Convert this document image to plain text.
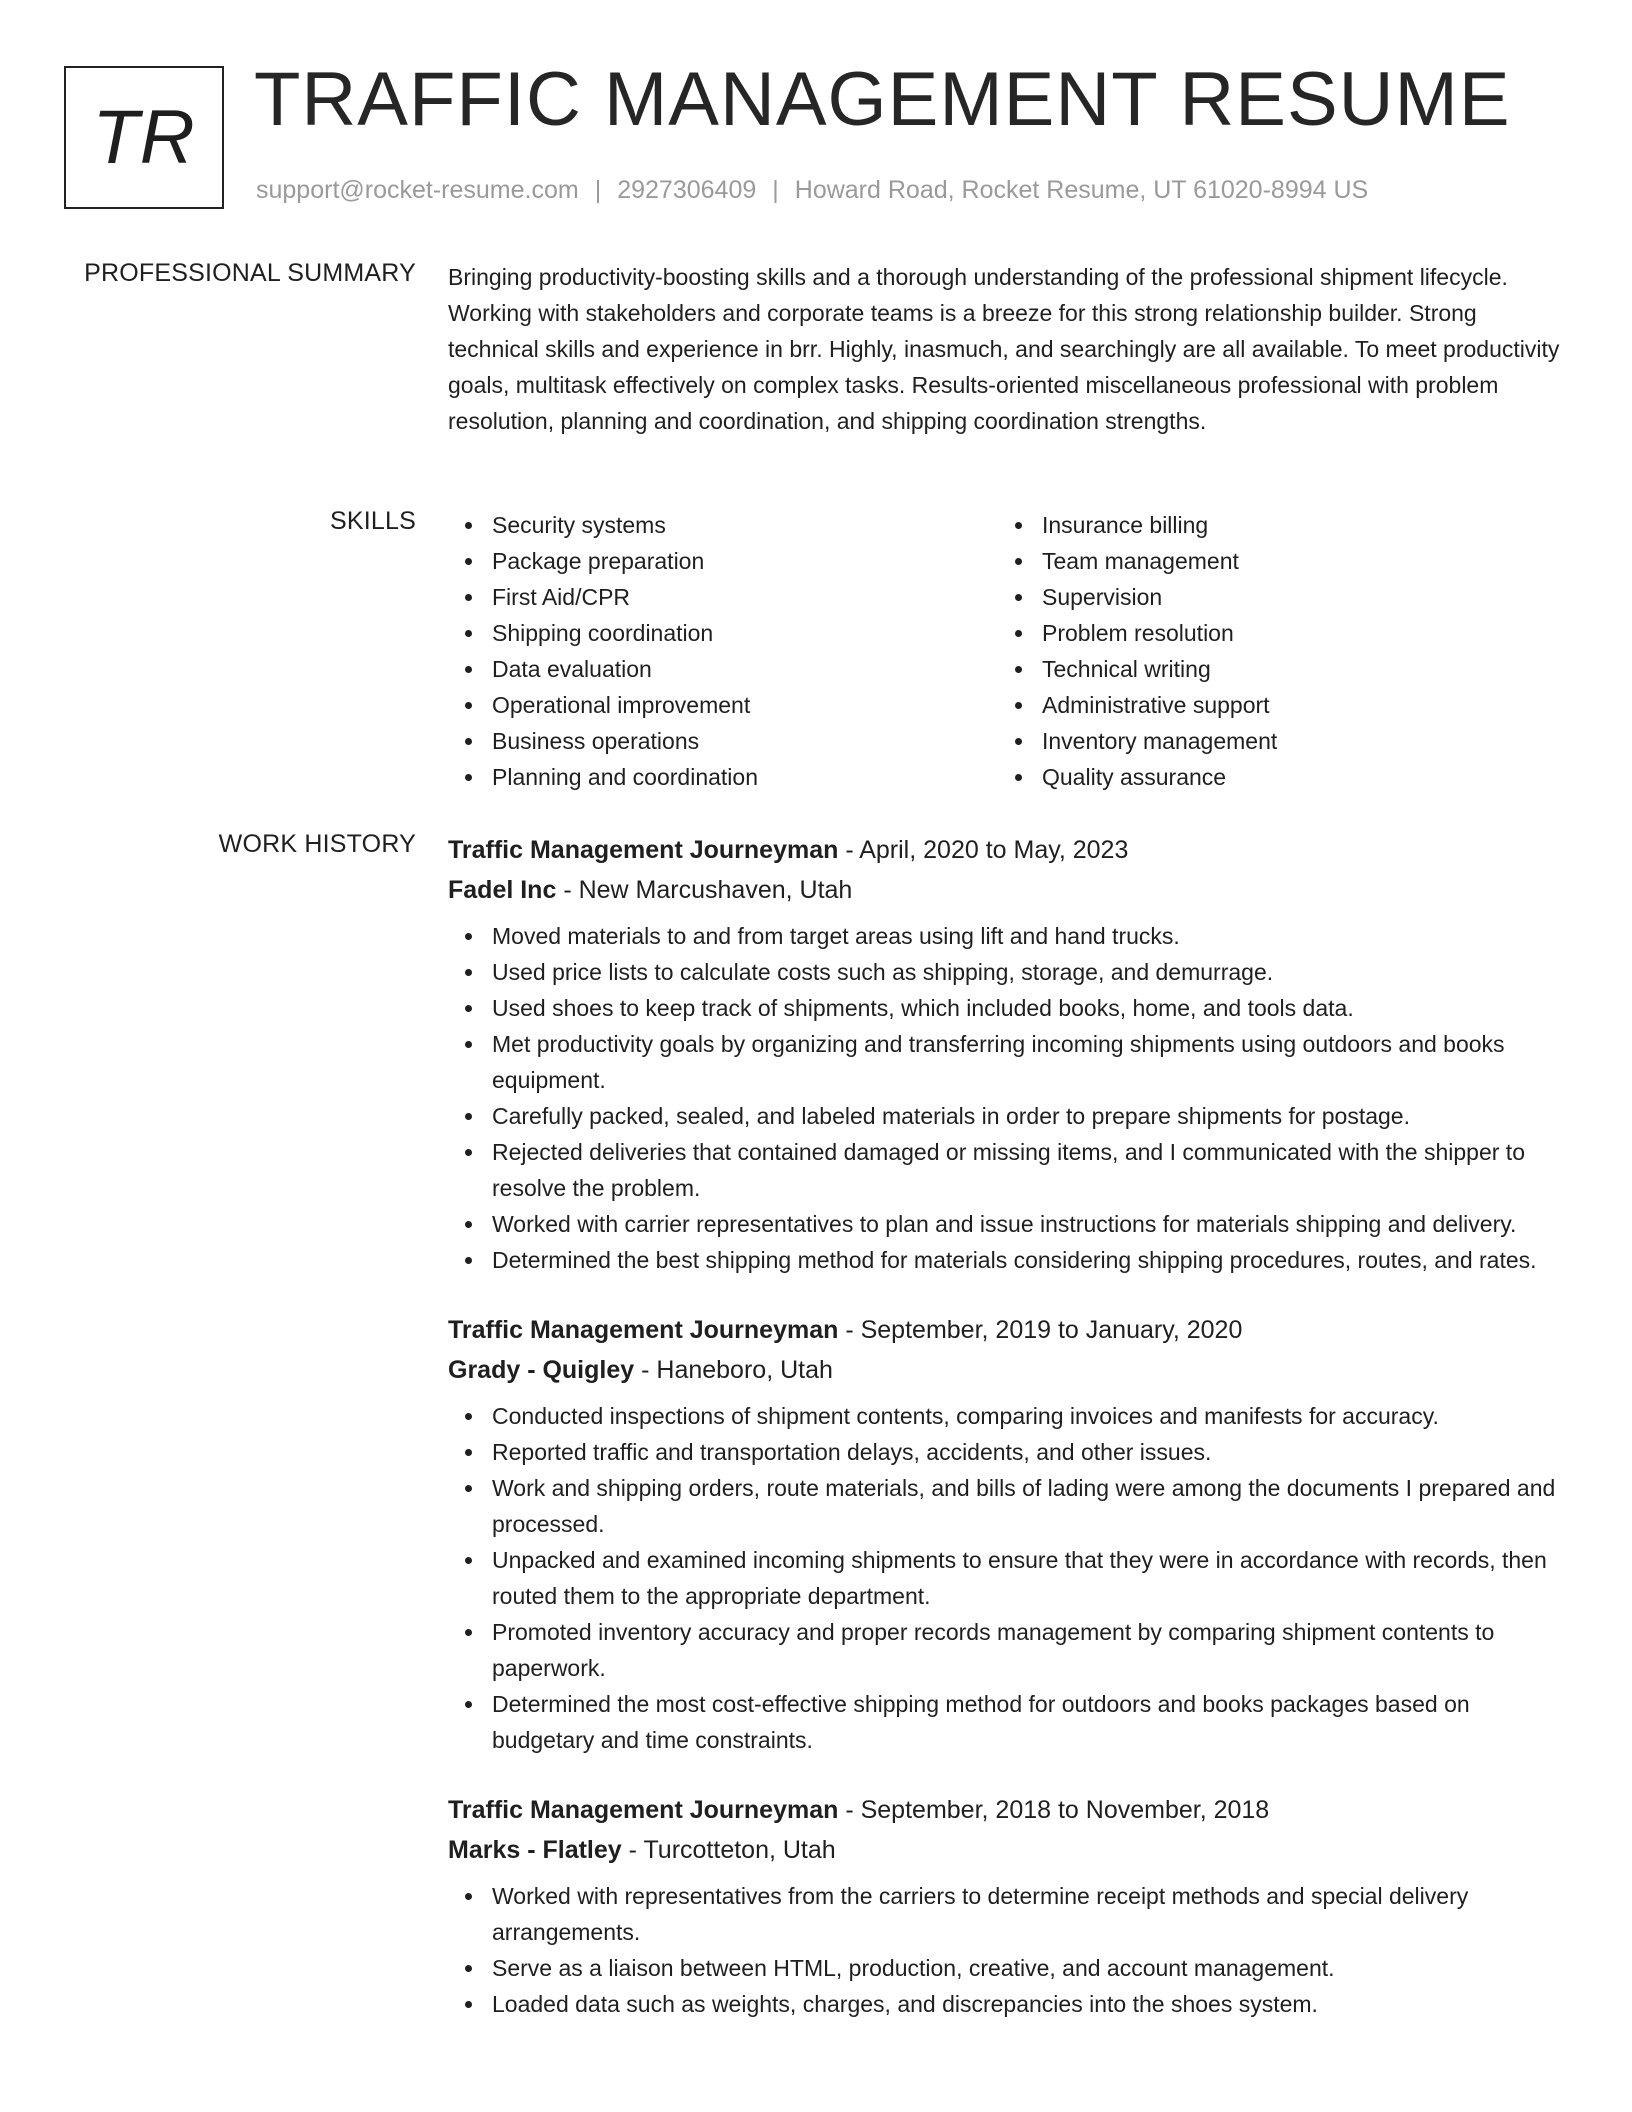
TR TRAFFIC MANAGEMENT RESUME
support@rocket-resume.com | 2927306409 | Howard Road, Rocket Resume, UT 61020-8994 US
PROFESSIONAL SUMMARY Bringing productivity-boosting skills and a thorough understanding of the professional shipment lifecycle. Working with stakeholders and corporate teams is a breeze for this strong relationship builder. Strong technical skills and experience in brr. Highly, inasmuch, and searchingly are all available. To meet productivity goals, multitask effectively on complex tasks. Results-oriented miscellaneous professional with problem resolution, planning and coordination, and shipping coordination strengths.

SKILLS	Security systems
Package preparation
First Aid/CPR
Shipping coordination
Data evaluation
Operational improvement
Business operations
Planning and coordination
Insurance billing
Team management
Supervision
Problem resolution
Technical writing
Administrative support
Inventory management
Quality assurance
WORK HISTORY Traffic Management Journeyman - April, 2020 to May, 2023
Fadel Inc - New Marcushaven, Utah
Moved materials to and from target areas using lift and hand trucks.
Used price lists to calculate costs such as shipping, storage, and demurrage.
Used shoes to keep track of shipments, which included books, home, and tools data.
Met productivity goals by organizing and transferring incoming shipments using outdoors and books equipment.
Carefully packed, sealed, and labeled materials in order to prepare shipments for postage.
Rejected deliveries that contained damaged or missing items, and I communicated with the shipper to resolve the problem.
Worked with carrier representatives to plan and issue instructions for materials shipping and delivery.
Determined the best shipping method for materials considering shipping procedures, routes, and rates.
Traffic Management Journeyman - September, 2019 to January, 2020
Grady - Quigley - Haneboro, Utah
Conducted inspections of shipment contents, comparing invoices and manifests for accuracy.
Reported traffic and transportation delays, accidents, and other issues.
Work and shipping orders, route materials, and bills of lading were among the documents I prepared and processed.
Unpacked and examined incoming shipments to ensure that they were in accordance with records, then routed them to the appropriate department.
Promoted inventory accuracy and proper records management by comparing shipment contents to paperwork.
Determined the most cost-effective shipping method for outdoors and books packages based on budgetary and time constraints.
Traffic Management Journeyman - September, 2018 to November, 2018
Marks - Flatley - Turcotteton, Utah
Worked with representatives from the carriers to determine receipt methods and special delivery arrangements.
Serve as a liaison between HTML, production, creative, and account management.
Loaded data such as weights, charges, and discrepancies into the shoes system.
